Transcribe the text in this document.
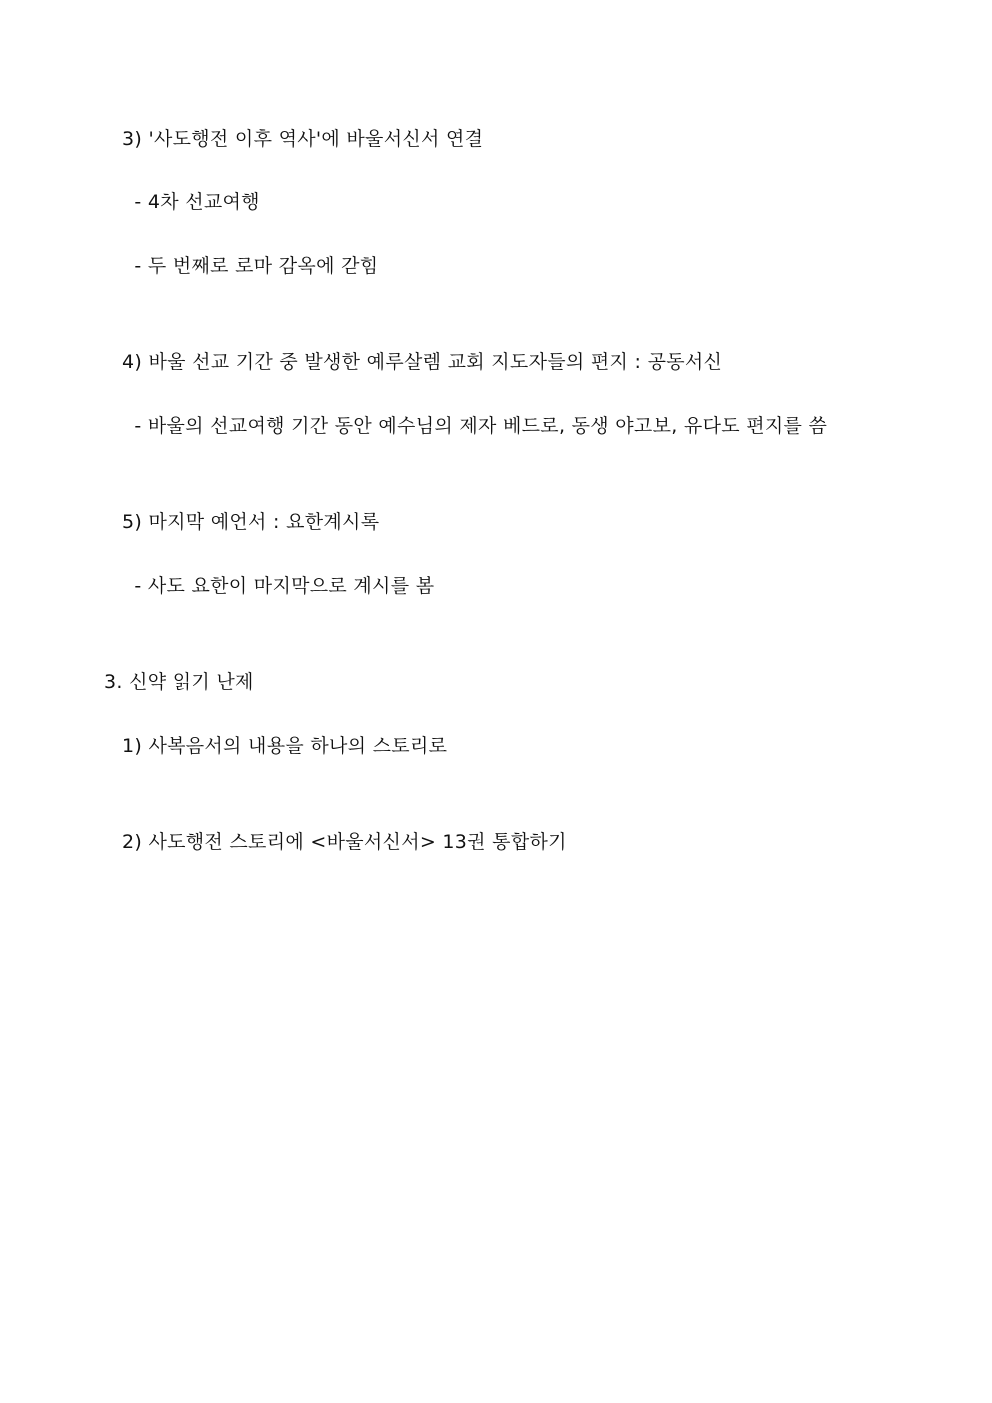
3) '사도행전 이후 역사'에 바울서신서 연결
- 4차 선교여행
- 두 번째로 로마 감옥에 갇힘
4) 바울 선교 기간 중 발생한 예루살렘 교회 지도자들의 편지 : 공동서신
- 바울의 선교여행 기간 동안 예수님의 제자 베드로, 동생 야고보, 유다도 편지를 씀
5) 마지막 예언서 : 요한계시록
- 사도 요한이 마지막으로 계시를 봄
3. 신약 읽기 난제
1) 사복음서의 내용을 하나의 스토리로
2) 사도행전 스토리에 <바울서신서> 13권 통합하기
